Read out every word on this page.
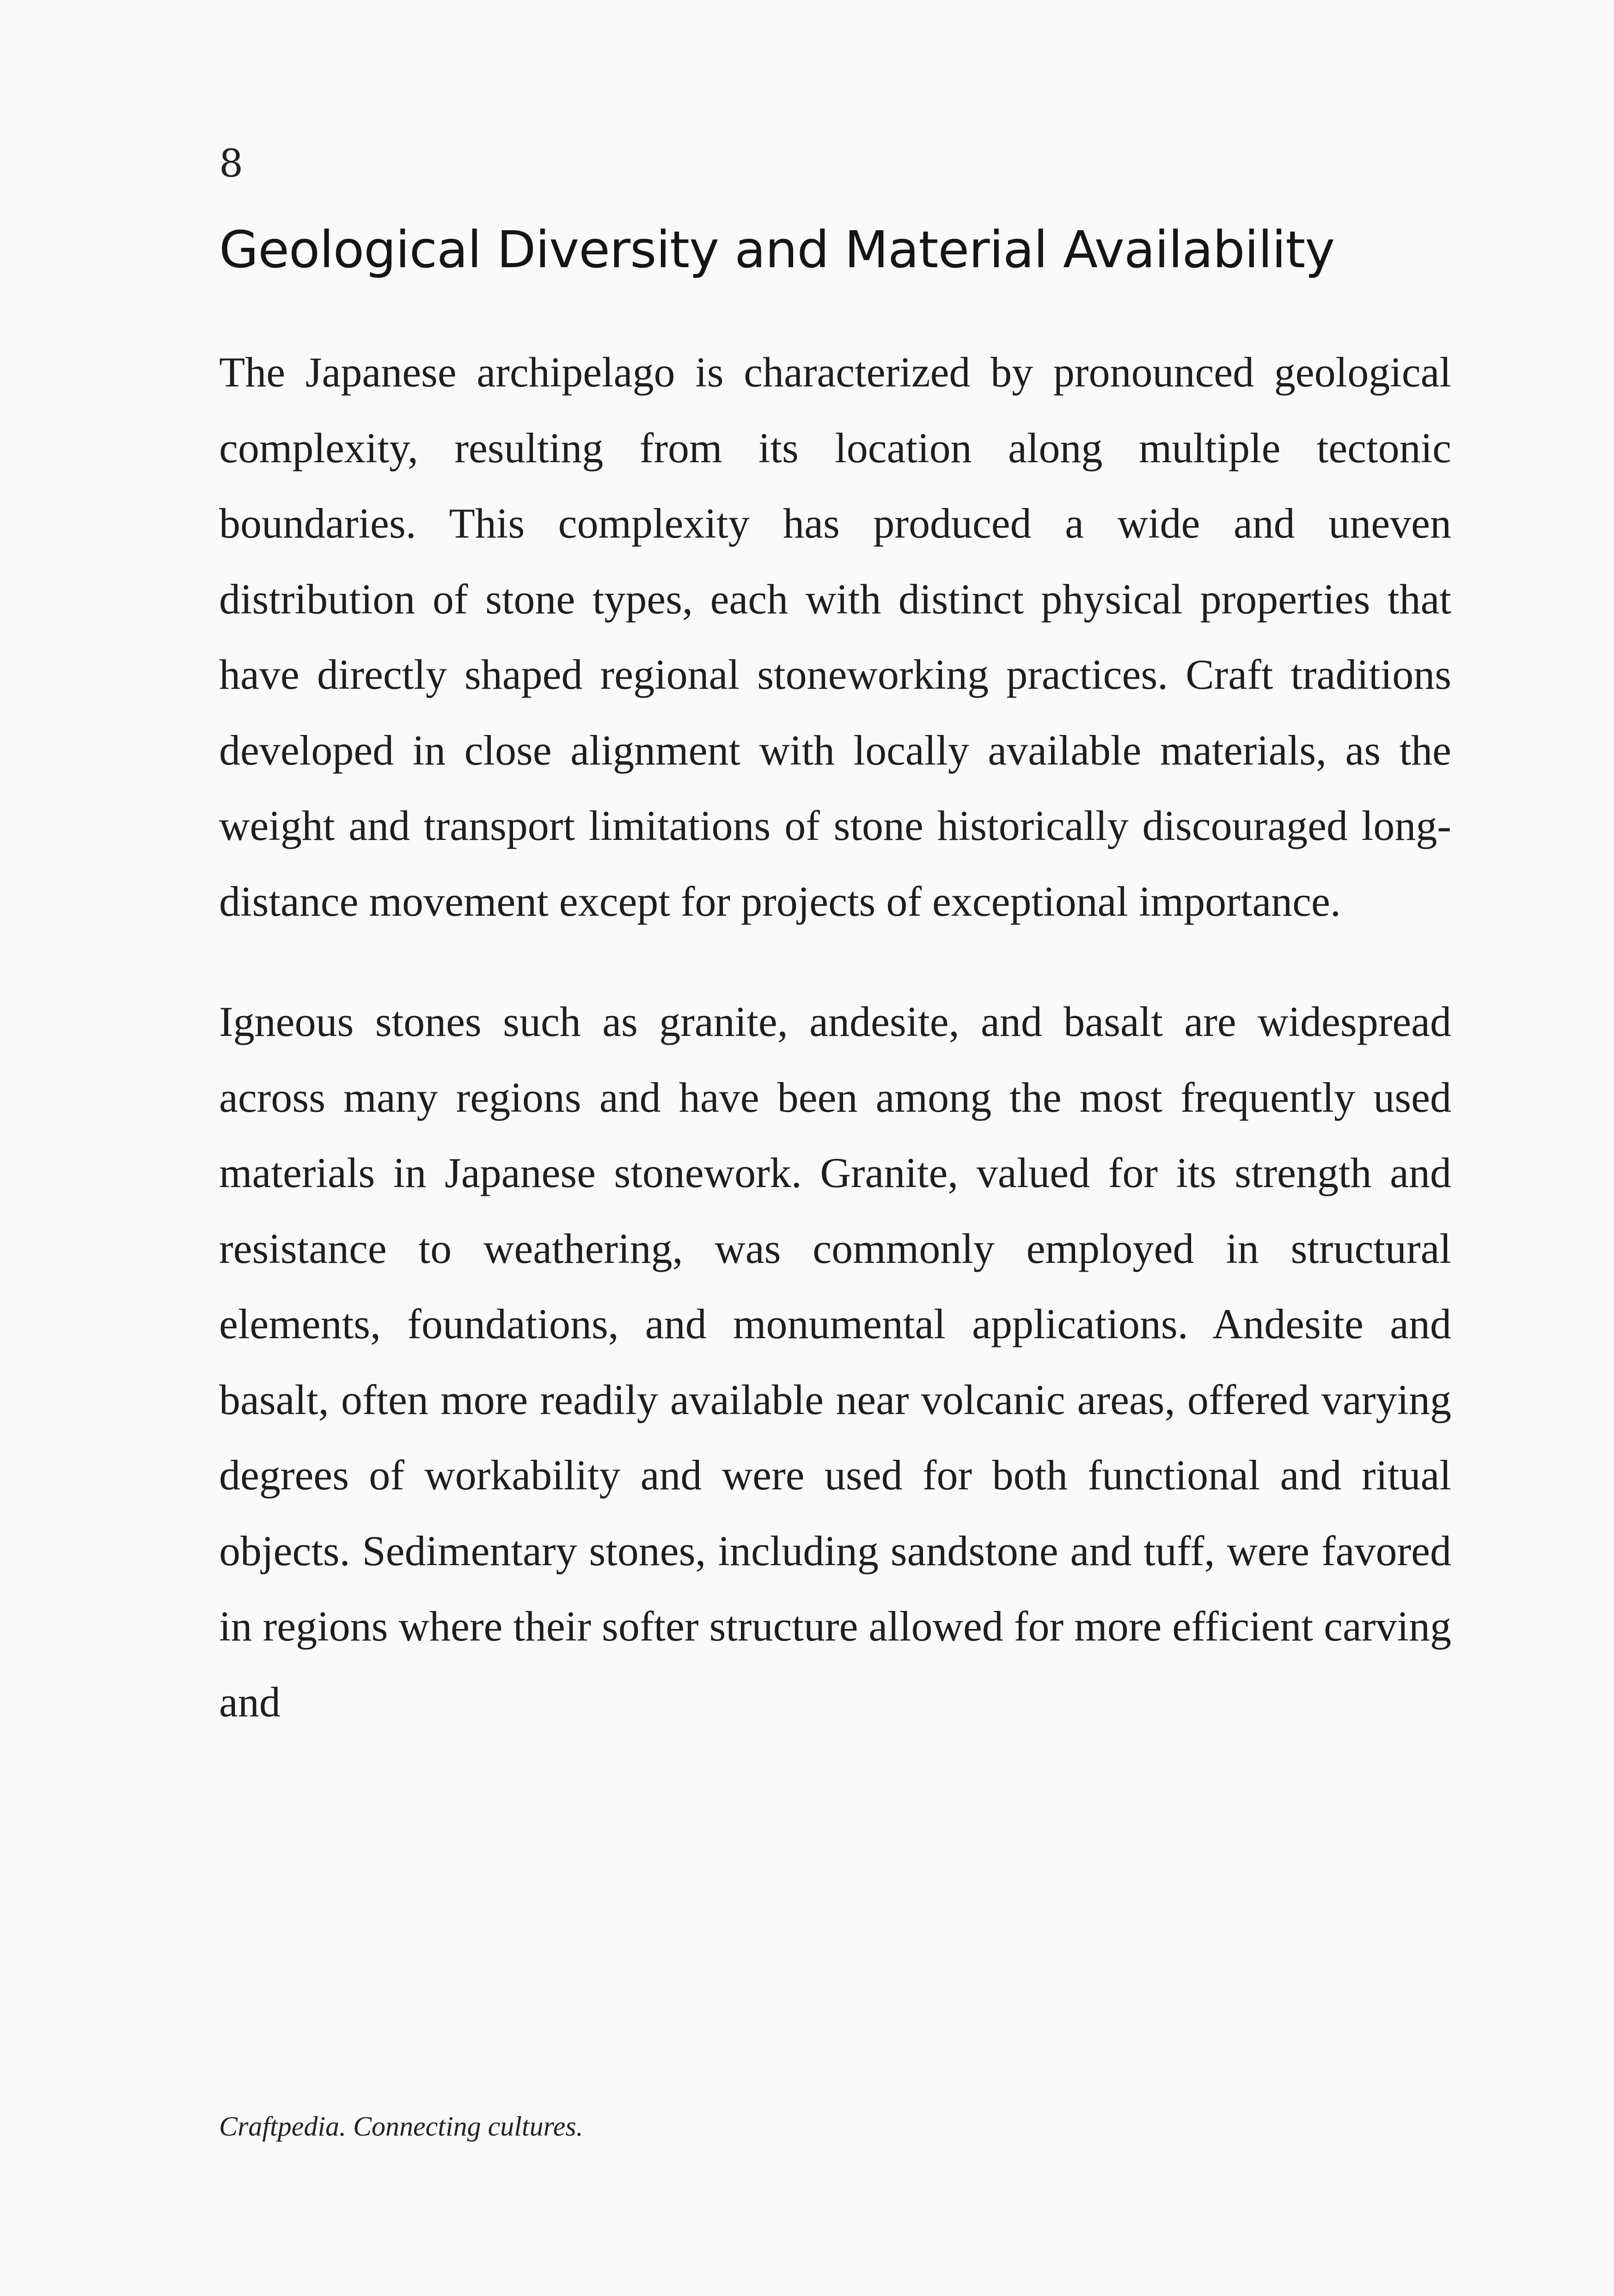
8
Geological Diversity and Material Availability

The Japanese archipelago is characterized by pronounced geological complexity, resulting from its location along multiple tectonic boundaries. This complexity has produced a wide and uneven distribution of stone types, each with distinct physical properties that have directly shaped regional stoneworking practices. Craft traditions developed in close alignment with locally available materials, as the weight and transport limitations of stone historically discouraged long-distance movement except for projects of exceptional importance.

Igneous stones such as granite, andesite, and basalt are widespread across many regions and have been among the most frequently used materials in Japanese stonework. Granite, valued for its strength and resistance to weathering, was commonly employed in structural elements, foundations, and monumental applications. Andesite and basalt, often more readily available near volcanic areas, offered varying degrees of workability and were used for both functional and ritual objects. Sedimentary stones, including sandstone and tuff, were favored in regions where their softer structure allowed for more efficient carving and

Craftpedia. Connecting cultures.
